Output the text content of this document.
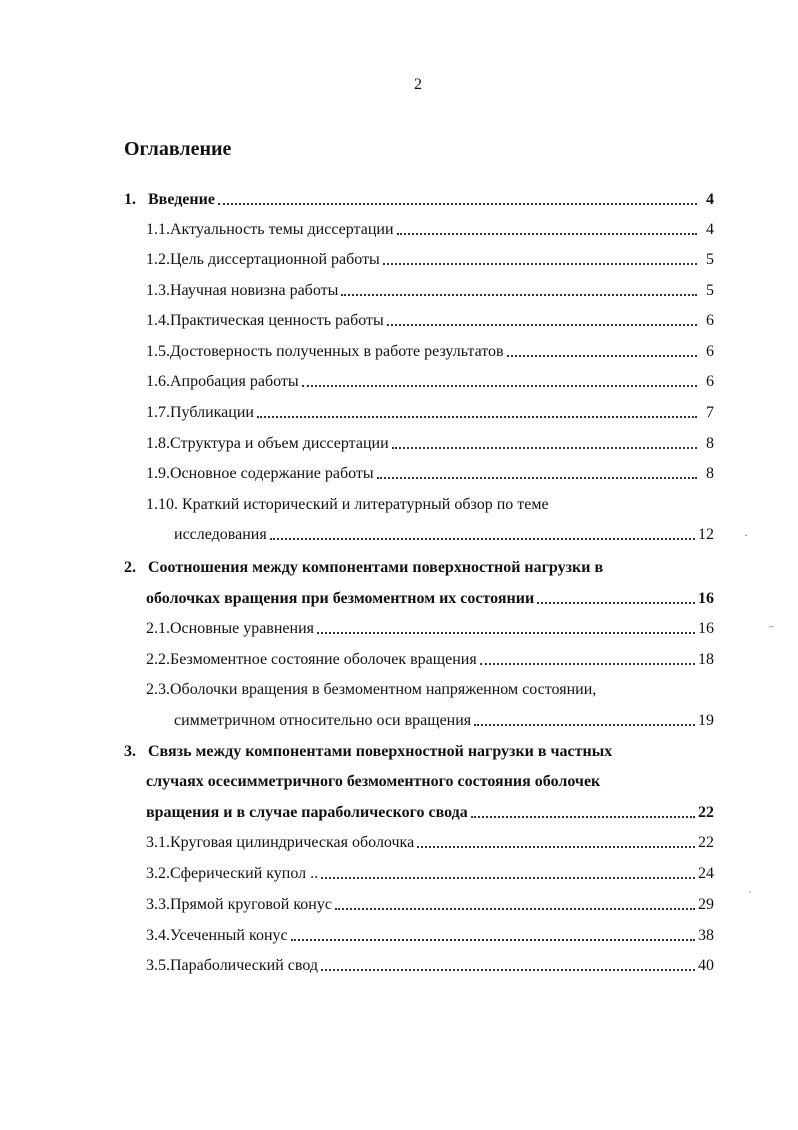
2
Оглавление
1. Введение	4
1.1.Актуальность темы диссертации	4
1.2.Цель диссертационной работы	5
1.3.Научная новизна работы	5
1.4.Практическая ценность работы	6
1.5.Достоверность полученных в работе результатов	6
1.6.Апробация работы	6
1.7.Публикации	7
1.8.Структура и объем диссертации	8
1.9.Основное содержание работы	8
1.10. Краткий исторический и литературный обзор по теме
исследования	12
2. Соотношения между компонентами поверхностной нагрузки в
оболочках вращения при безмоментном их состоянии	16
2.1.Основные уравнения	16
2.2.Безмоментное состояние оболочек вращения	18
2.3.Оболочки вращения в безмоментном напряженном состоянии,
симметричном относительно оси вращения	19
3. Связь между компонентами поверхностной нагрузки в частных
случаях осесимметричного безмоментного состояния оболочек
вращения и в случае параболического свода	22
3.1.Круговая цилиндрическая оболочка	22
3.2.Сферический купол ..	24
3.3.Прямой круговой конус	29
3.4.Усеченный конус	38
3.5.Параболический свод	40
·
⁻
˙
